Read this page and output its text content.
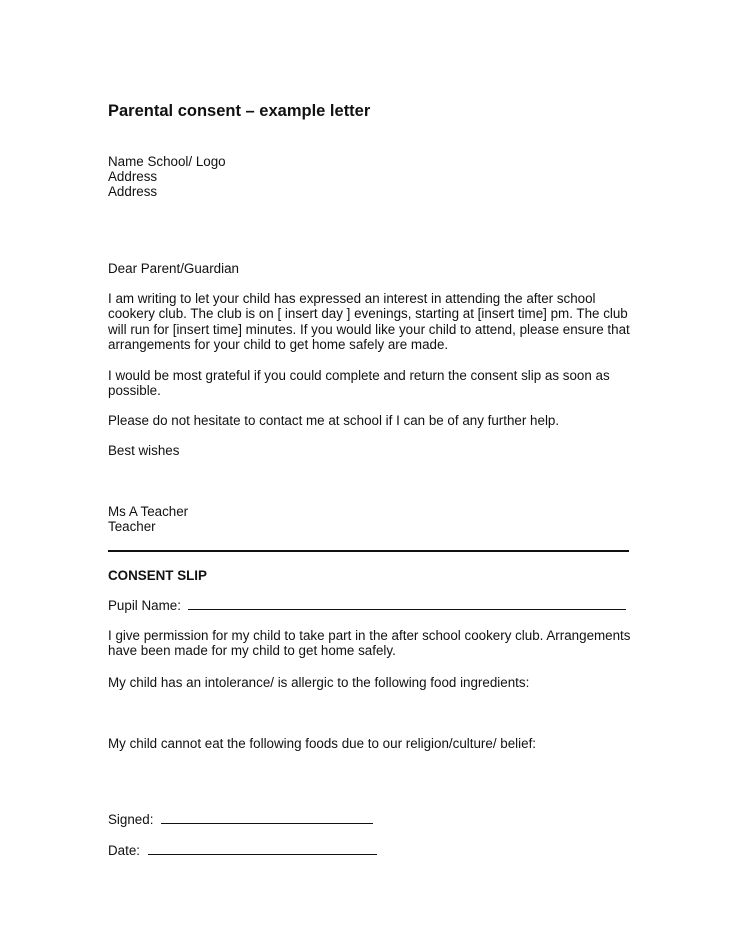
Parental consent – example letter

Name School/ Logo

Address

Address

Dear Parent/Guardian

I am writing to let your child has expressed an interest in attending the after school
cookery club. The club is on [ insert day ] evenings, starting at [insert time] pm. The club
will run for [insert time] minutes. If you would like your child to attend, please ensure that
arrangements for your child to get home safely are made.
I would be most grateful if you could complete and return the consent slip as soon as
possible.

Please do not hesitate to contact me at school if I can be of any further help.

Best wishes

Ms A Teacher

Teacher

CONSENT SLIP

Pupil Name:

I give permission for my child to take part in the after school cookery club. Arrangements
have been made for my child to get home safely.

My child has an intolerance/ is allergic to the following food ingredients:

My child cannot eat the following foods due to our religion/culture/ belief:

Signed:

Date:
